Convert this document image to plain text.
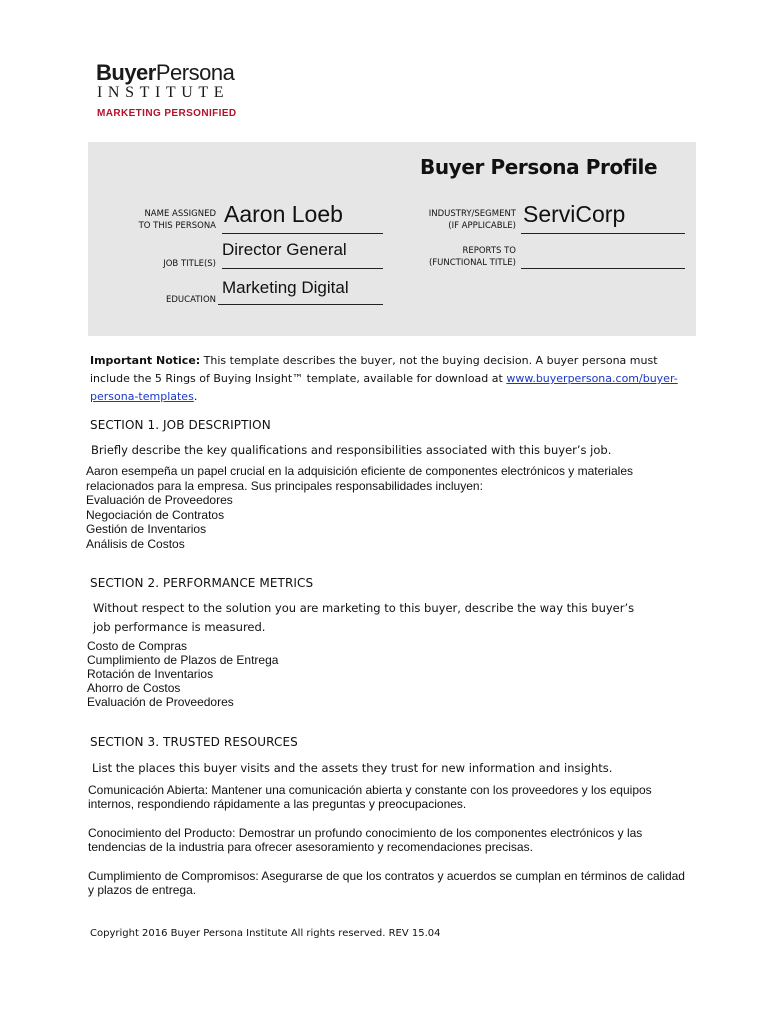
BuyerPersona
INSTITUTE
MARKETING PERSONIFIED
Buyer Persona Profile
NAME ASSIGNED
TO THIS PERSONA Aaron Loeb
JOB TITLE(S)
Director General
EDUCATION
Marketing Digital
INDUSTRY/SEGMENT
(IF APPLICABLE) ServiCorp
REPORTS TO
(FUNCTIONAL TITLE)
Important Notice: This template describes the buyer, not the buying decision. A buyer persona must include the 5 Rings of Buying Insight™ template, available for download at www.buyerpersona.com/buyer-persona-templates.
SECTION 1. JOB DESCRIPTION
Briefly describe the key qualifications and responsibilities associated with this buyer’s job.
Aaron esempeña un papel crucial en la adquisición eficiente de componentes electrónicos y materiales relacionados para la empresa. Sus principales responsabilidades incluyen:
Evaluación de Proveedores
Negociación de Contratos
Gestión de Inventarios
Análisis de Costos
SECTION 2. PERFORMANCE METRICS
Without respect to the solution you are marketing to this buyer, describe the way this buyer’s job performance is measured.
Costo de Compras
Cumplimiento de Plazos de Entrega
Rotación de Inventarios
Ahorro de Costos
Evaluación de Proveedores
SECTION 3. TRUSTED RESOURCES
List the places this buyer visits and the assets they trust for new information and insights.
Comunicación Abierta: Mantener una comunicación abierta y constante con los proveedores y los equipos internos, respondiendo rápidamente a las preguntas y preocupaciones.
Conocimiento del Producto: Demostrar un profundo conocimiento de los componentes electrónicos y las tendencias de la industria para ofrecer asesoramiento y recomendaciones precisas.
Cumplimiento de Compromisos: Asegurarse de que los contratos y acuerdos se cumplan en términos de calidad y plazos de entrega.
Copyright 2016 Buyer Persona Institute All rights reserved. REV 15.04
